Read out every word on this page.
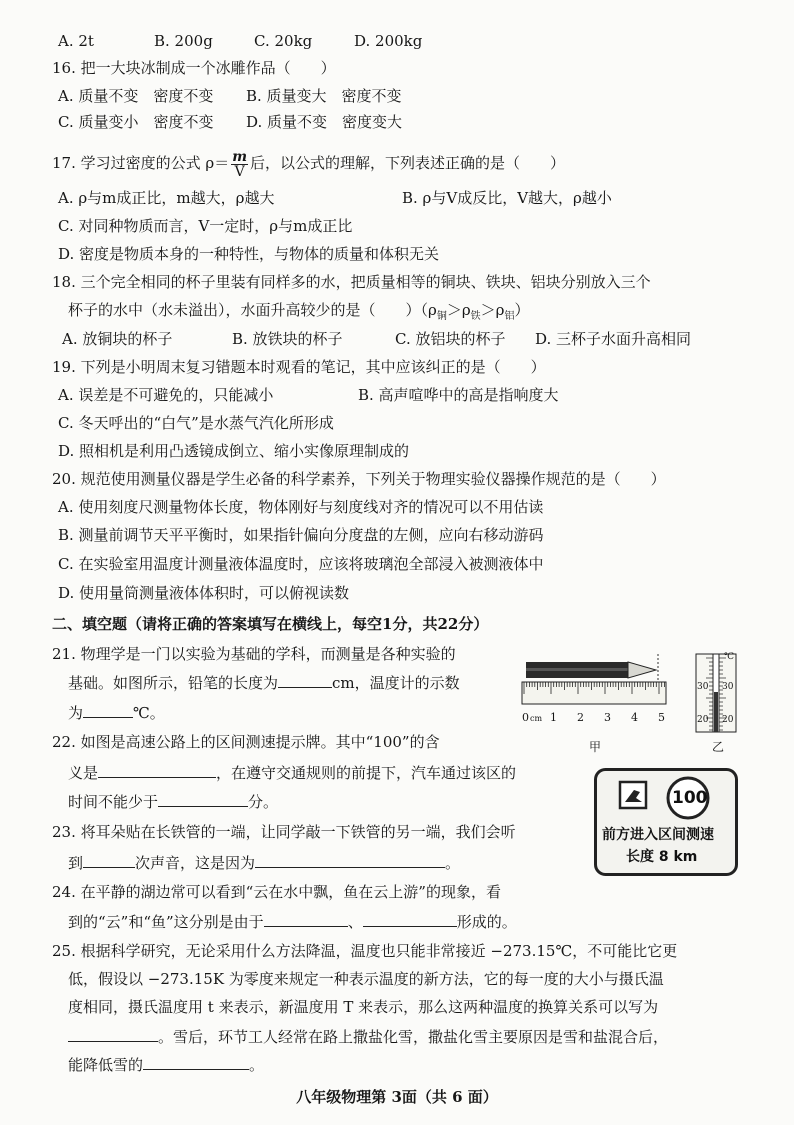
A. 2t	B. 200g	C. 20kg	D. 200kg
16. 把一大块冰制成一个冰雕作品（　　）
A. 质量不变　密度不变 B. 质量变大　密度不变
C. 质量变小　密度不变 D. 质量不变　密度变大
17. 学习过密度的公式 $\rho= \frac{m}{V}$ 后，以公式的理解，下列表述正确的是（　　）
A. ρ与m成正比，m越大，ρ越大	B. ρ与V成反比，V越大，ρ越小
C. 对同种物质而言，V一定时，ρ与m成正比
D. 密度是物质本身的一种特性，与物体的质量和体积无关
18. 三个完全相同的杯子里装有同样多的水，把质量相等的铜块、铁块、铝块分别放入三个
杯子的水中（水未溢出），水面升高较少的是（　　）$(\rho_铜>\rho_铁>\rho_铝)$
A. 放铜块的杯子	B. 放铁块的杯子	C. 放铝块的杯子 D. 三杯子水面升高相同
19. 下列是小明周末复习错题本时观看的笔记，其中应该纠正的是（　　）
A. 误差是不可避免的，只能减小	B. 高声喧哗中的高是指响度大
C. 冬天呼出的“白气”是水蒸气汽化所形成
D. 照相机是利用凸透镜成倒立、缩小实像原理制成的
20. 规范使用测量仪器是学生必备的科学素养，下列关于物理实验仪器操作规范的是（　　）
A. 使用刻度尺测量物体长度，物体刚好与刻度线对齐的情况可以不用估读
B. 测量前调节天平平衡时，如果指针偏向分度盘的左侧，应向右移动游码
C. 在实验室用温度计测量液体温度时，应该将玻璃泡全部浸入被测液体中
D. 使用量筒测量液体体积时，可以俯视读数
二、填空题（请将正确的答案填写在横线上，每空1分，共22分）
21. 物理学是一门以实验为基础的学科，而测量是各种实验的
基础。如图所示，铅笔的长度为	cm，温度计的示数
为	℃。	0 cm 1 2 3 4 5
甲
℃
30 30
20 20
乙
22. 如图是高速公路上的区间测速提示牌。其中“100”的含
义是	，在遵守交通规则的前提下，汽车通过该区的
时间不能少于	分。	100
前方进入区间测速
长度 8 km
23. 将耳朵贴在长铁管的一端，让同学敲一下铁管的另一端，我们会听
到	次声音，这是因为	。
24. 在平静的湖边常可以看到“云在水中飘，鱼在云上游”的现象，看
到的“云”和“鱼”这分别是由于	、	形成的。
25. 根据科学研究，无论采用什么方法降温，温度也只能非常接近 −273.15℃，不可能比它更
低，假设以 −273.15K 为零度来规定一种表示温度的新方法，它的每一度的大小与摄氏温
度相同，摄氏温度用 t 来表示，新温度用 T 来表示，那么这两种温度的换算关系可以写为
。雪后，环节工人经常在路上撒盐化雪，撒盐化雪主要原因是雪和盐混合后，
能降低雪的	。
八年级物理第 3面（共 6 面）
